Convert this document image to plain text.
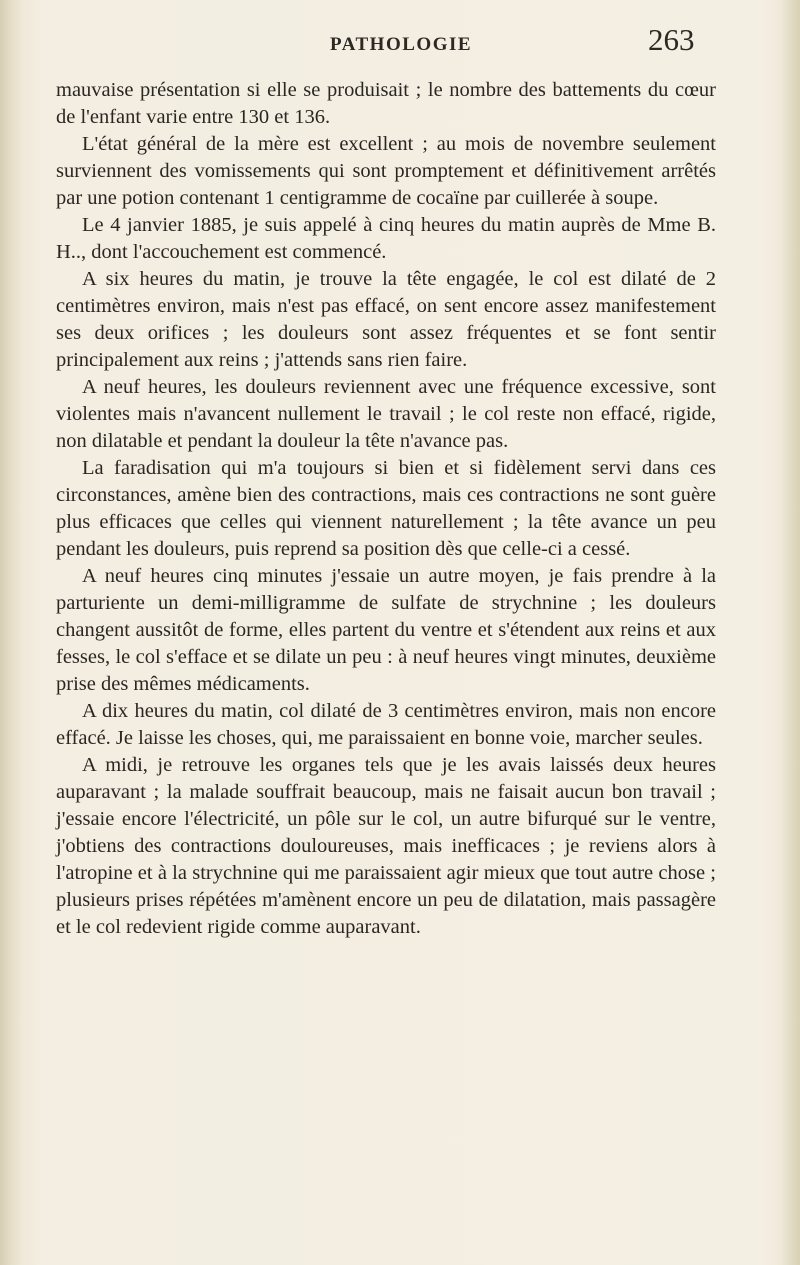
PATHOLOGIE	263

mauvaise présentation si elle se produisait ; le nombre des battements du cœur de l'enfant varie entre 130 et 136.

L'état général de la mère est excellent ; au mois de novembre seulement surviennent des vomissements qui sont promptement et définitivement arrêtés par une potion contenant 1 centigramme de cocaïne par cuillerée à soupe.

Le 4 janvier 1885, je suis appelé à cinq heures du matin auprès de Mme B. H.., dont l'accouchement est commencé.

A six heures du matin, je trouve la tête engagée, le col est dilaté de 2 centimètres environ, mais n'est pas effacé, on sent encore assez manifestement ses deux orifices ; les douleurs sont assez fréquentes et se font sentir principalement aux reins ; j'attends sans rien faire.

A neuf heures, les douleurs reviennent avec une fréquence excessive, sont violentes mais n'avancent nullement le travail ; le col reste non effacé, rigide, non dilatable et pendant la douleur la tête n'avance pas.

La faradisation qui m'a toujours si bien et si fidèlement servi dans ces circonstances, amène bien des contractions, mais ces contractions ne sont guère plus efficaces que celles qui viennent naturellement ; la tête avance un peu pendant les douleurs, puis reprend sa position dès que celle-ci a cessé.

A neuf heures cinq minutes j'essaie un autre moyen, je fais prendre à la parturiente un demi-milligramme de sulfate de strychnine ; les douleurs changent aussitôt de forme, elles partent du ventre et s'étendent aux reins et aux fesses, le col s'efface et se dilate un peu : à neuf heures vingt minutes, deuxième prise des mêmes médicaments.

A dix heures du matin, col dilaté de 3 centimètres environ, mais non encore effacé. Je laisse les choses, qui, me paraissaient en bonne voie, marcher seules.

A midi, je retrouve les organes tels que je les avais laissés deux heures auparavant ; la malade souffrait beaucoup, mais ne faisait aucun bon travail ; j'essaie encore l'électricité, un pôle sur le col, un autre bifurqué sur le ventre, j'obtiens des contractions douloureuses, mais inefficaces ; je reviens alors à l'atropine et à la strychnine qui me paraissaient agir mieux que tout autre chose ; plusieurs prises répétées m'amènent encore un peu de dilatation, mais passagère et le col redevient rigide comme auparavant.
